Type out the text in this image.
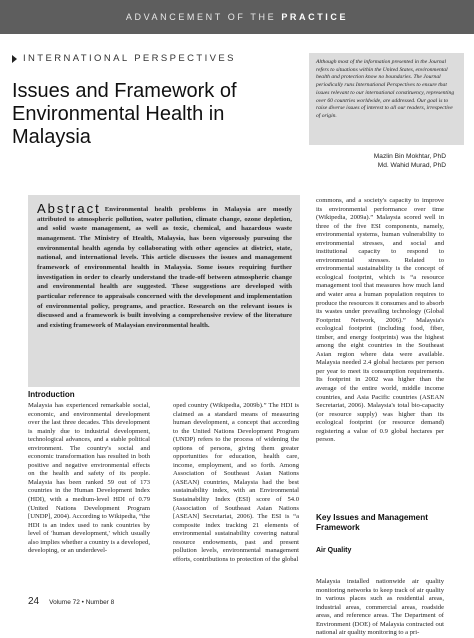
ADVANCEMENT OF THE PRACTICE
INTERNATIONAL PERSPECTIVES
Issues and Framework of Environmental Health in Malaysia
Although most of the information presented in the Journal refers to situations within the United States, environmental health and protection know no boundaries. The Journal periodically runs International Perspectives to ensure that issues relevant to our international constituency, representing over 60 countries worldwide, are addressed. Our goal is to raise diverse issues of interest to all our readers, irrespective of origin.
Mazlin Bin Mokhtar, PhD
Md. Wahid Murad, PhD
Abstract Environmental health problems in Malaysia are mostly attributed to atmospheric pollution, water pollution, climate change, ozone depletion, and solid waste management, as well as toxic, chemical, and hazardous waste management. The Ministry of Health, Malaysia, has been vigorously pursuing the environmental health agenda by collaborating with other agencies at district, state, national, and international levels. This article discusses the issues and management framework of environmental health in Malaysia. Some issues requiring further investigation in order to clearly understand the trade-off between atmospheric change and environmental health are suggested. These suggestions are developed with particular reference to appraisals concerned with the development and implementation of environmental policy, programs, and practice. Research on the relevant issues is discussed and a framework is built involving a comprehensive review of the literature and existing framework of Malaysian environmental health.
Introduction

Malaysia has experienced remarkable social, economic, and environmental development over the last three decades. This development is mainly due to industrial development, technological advances, and a stable political environment. The country's social and economic transformation has resulted in both positive and negative environmental effects on the health and safety of its people. Malaysia has been ranked 59 out of 173 countries in the Human Development Index (HDI), with a medium-level HDI of 0.79 (United Nations Development Program [UNDP], 2004). According to Wikipedia, “the HDI is an index used to rank countries by level of 'human development,' which usually also implies whether a country is a developed, developing, or an underdevel-

oped country (Wikipedia, 2009b).” The HDI is claimed as a standard means of measuring human development, a concept that according to the United Nations Development Program (UNDP) refers to the process of widening the options of persons, giving them greater opportunities for education, health care, income, employment, and so forth. Among Association of Southeast Asian Nations (ASEAN) countries, Malaysia had the best sustainability index, with an Environmental Sustainability Index (ESI) score of 54.0 (Association of Southeast Asian Nations [ASEAN] Secretariat, 2006). The ESI is “a composite index tracking 21 elements of environmental sustainability covering natural resource endowments, past and present pollution levels, environmental management efforts, contributions to protection of the global

commons, and a society's capacity to improve its environmental performance over time (Wikipedia, 2009a).” Malaysia scored well in three of the five ESI components, namely, environmental systems, human vulnerability to environmental stresses, and social and institutional capacity to respond to environmental stresses. Related to environmental sustainability is the concept of ecological footprint, which is “a resource management tool that measures how much land and water area a human population requires to produce the resources it consumes and to absorb its wastes under prevailing technology (Global Footprint Network, 2006).” Malaysia's ecological footprint (including food, fiber, timber, and energy footprints) was the highest among the eight countries in the Southeast Asian region where data were available. Malaysia needed 2.4 global hectares per person per year to meet its consumption requirements. Its footprint in 2002 was higher than the average of the entire world, middle income countries, and Asia Pacific countries (ASEAN Secretariat, 2006). Malaysia's total bio-capacity (or resource supply) was higher than its ecological footprint (or resource demand) registering a value of 0.9 global hectares per person.

Key Issues and Management Framework
Air Quality

Malaysia installed nationwide air quality monitoring networks to keep track of air quality in various places such as residential areas, industrial areas, commercial areas, roadside areas, and reference areas. The Department of Environment (DOE) of Malaysia contracted out national air quality monitoring to a pri-

24 Volume 72 • Number 8
